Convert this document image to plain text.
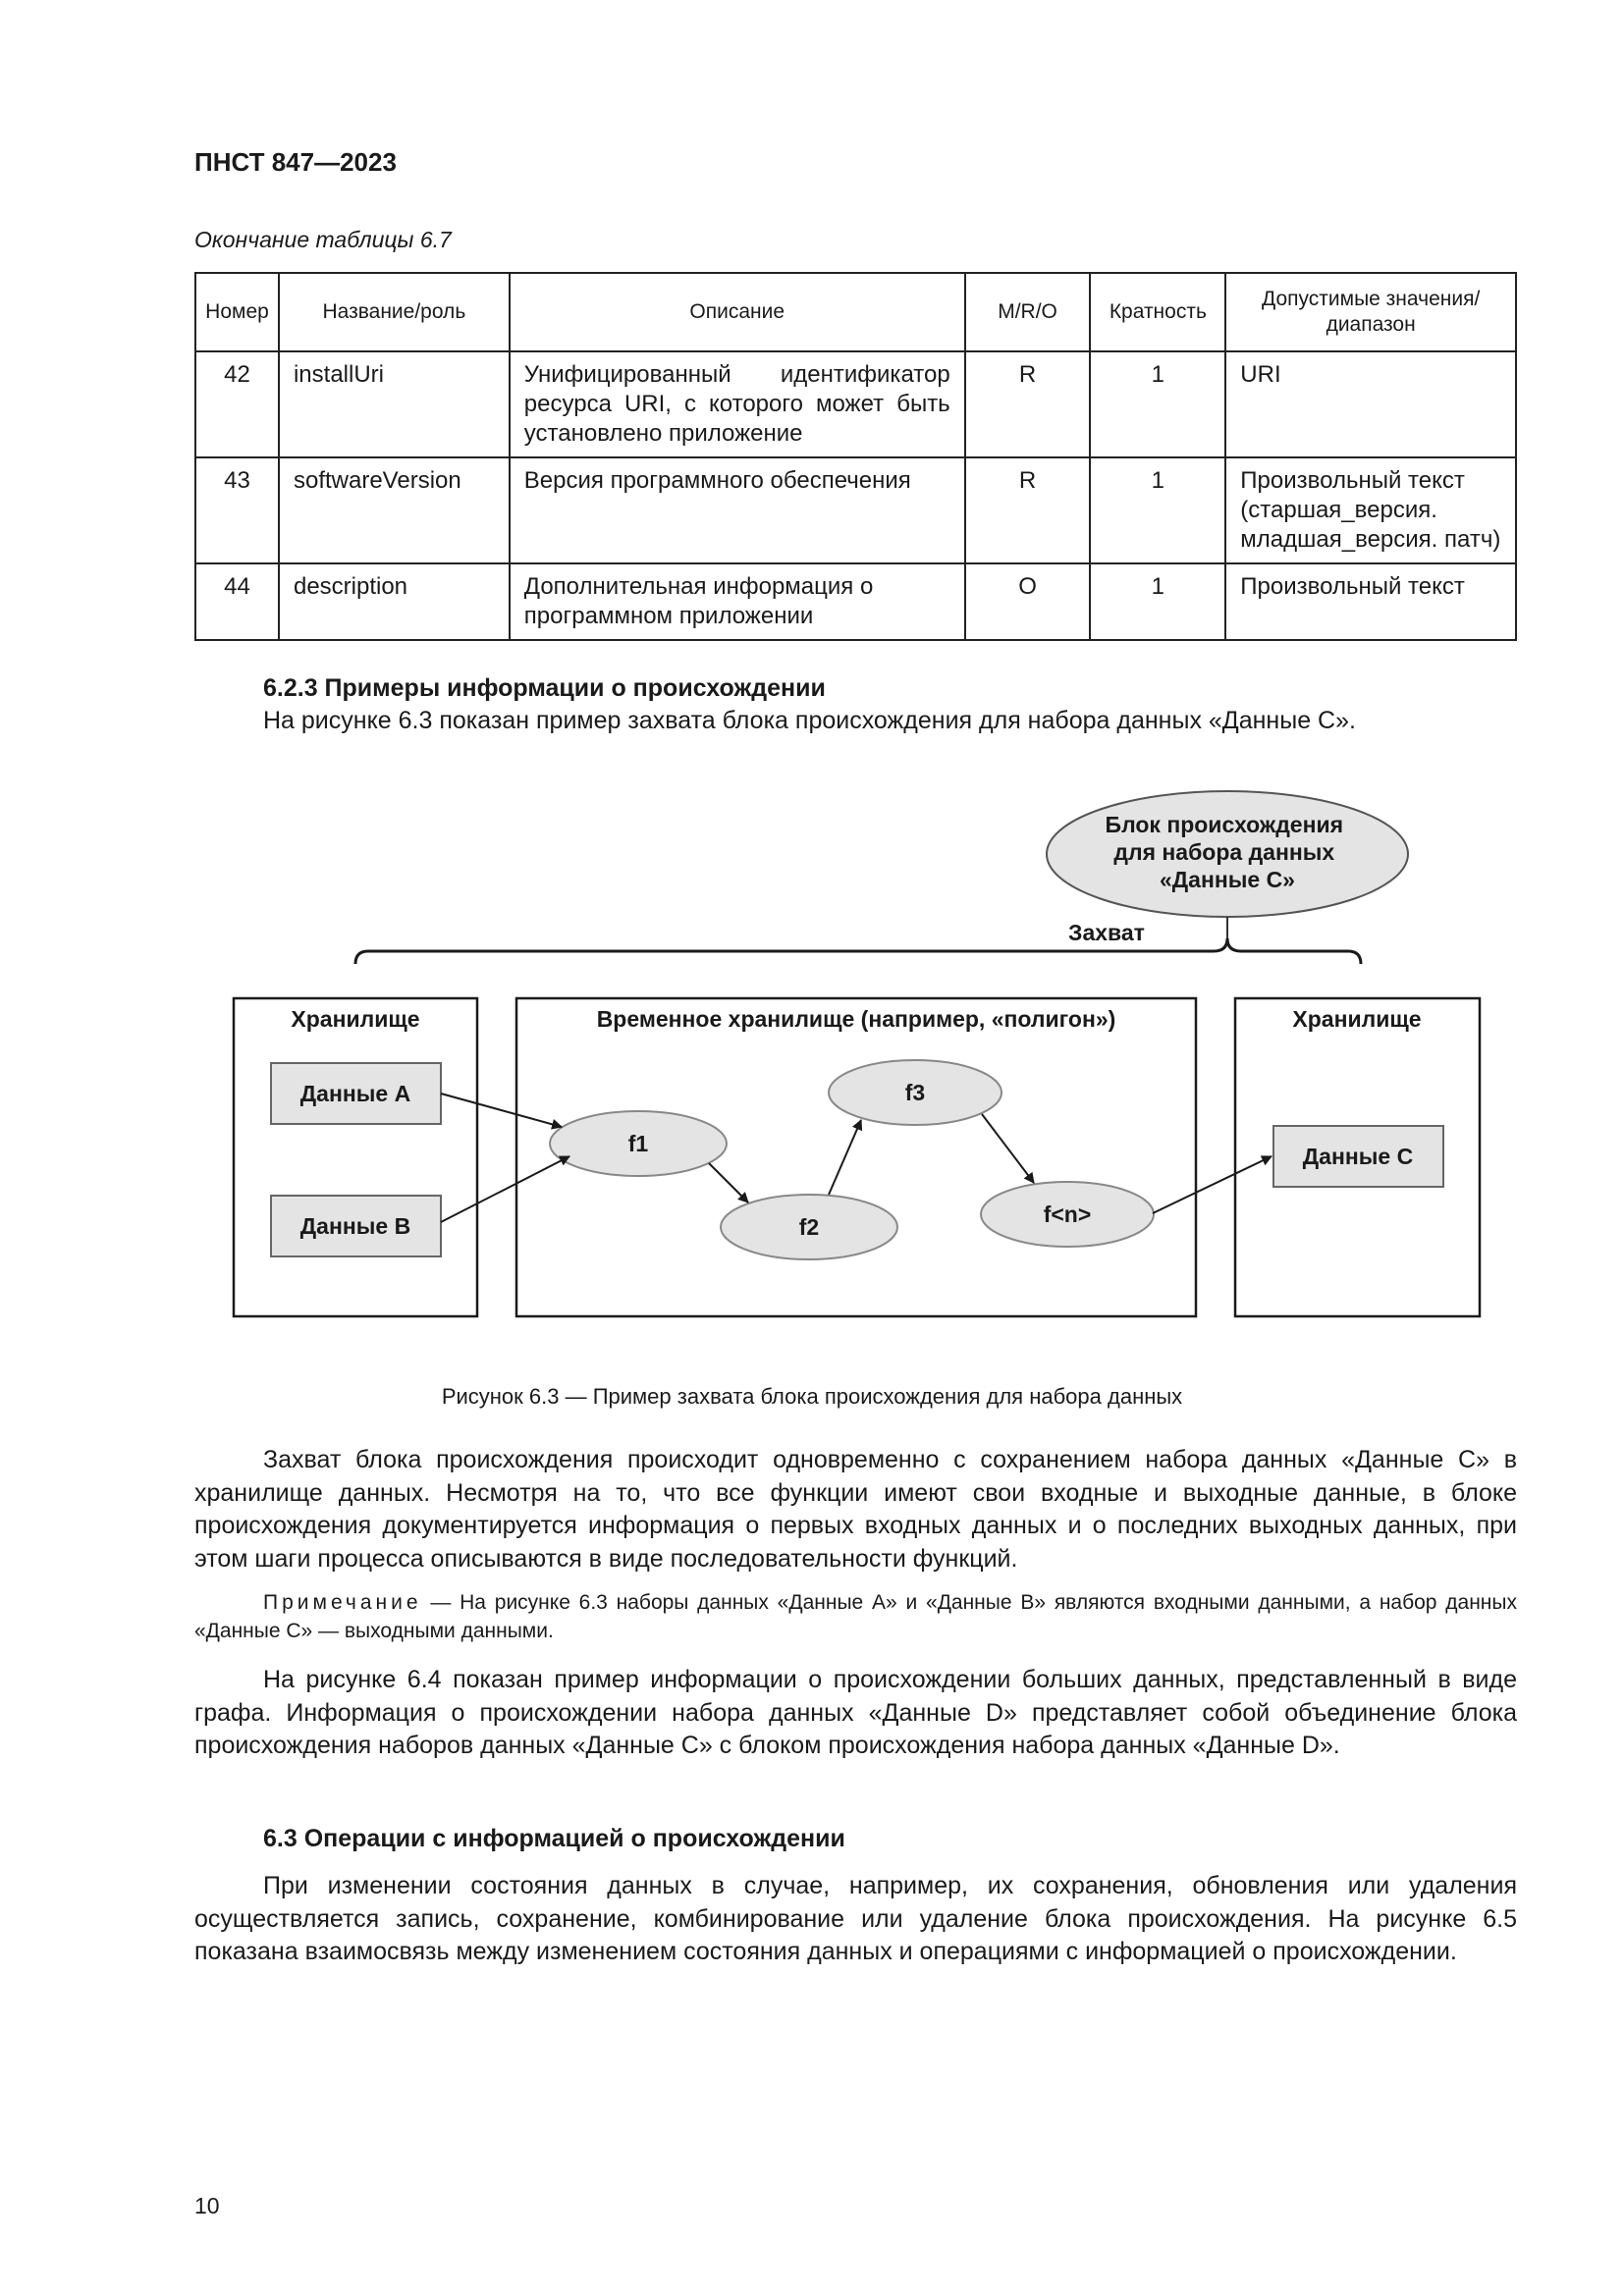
ПНСТ 847—2023
Окончание таблицы 6.7
Номер	Название/роль	Описание	M/R/O	Кратность	Допустимые значения/ диапазон
42	installUri	Унифицированный идентификатор ресурса URI, с которого может быть установлено приложение	R	1	URI
43	softwareVersion	Версия программного обеспечения	R	1	Произвольный текст (старшая_версия. младшая_версия. патч)
44	description	Дополнительная информация о программном приложении	O	1	Произвольный текст
6.2.3 Примеры информации о происхождении
На рисунке 6.3 показан пример захвата блока происхождения для набора данных «Данные C».
Блок происхождения для набора данных «Данные C»
Захват
Хранилище	Временное хранилище (например, «полигон»)	Хранилище
Данные A
Данные B
Данные C
f1
f2
f3
f<n>
Рисунок 6.3 — Пример захвата блока происхождения для набора данных

Захват блока происхождения происходит одновременно с сохранением набора данных «Данные C» в хранилище данных. Несмотря на то, что все функции имеют свои входные и выходные данные, в блоке происхождения документируется информация о первых входных данных и о последних выходных данных, при этом шаги процесса описываются в виде последовательности функций.

Примечание — На рисунке 6.3 наборы данных «Данные A» и «Данные B» являются входными данными, а набор данных «Данные C» — выходными данными.

На рисунке 6.4 показан пример информации о происхождении больших данных, представленный в виде графа. Информация о происхождении набора данных «Данные D» представляет собой объединение блока происхождения наборов данных «Данные C» с блоком происхождения набора данных «Данные D».

6.3 Операции с информацией о происхождении

При изменении состояния данных в случае, например, их сохранения, обновления или удаления осуществляется запись, сохранение, комбинирование или удаление блока происхождения. На рисунке 6.5 показана взаимосвязь между изменением состояния данных и операциями с информацией о происхождении.

10
